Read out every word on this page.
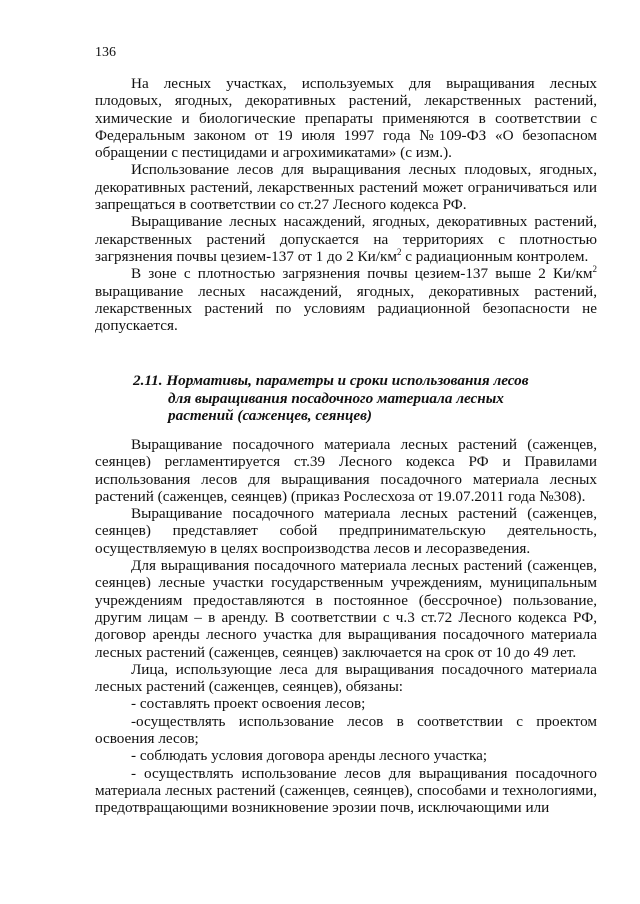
136

На лесных участках, используемых для выращивания лесных плодовых, ягодных, декоративных растений, лекарственных растений, химические и биологические препараты применяются в соответствии с Федеральным законом от 19 июля 1997 года №109-ФЗ «О безопасном обращении с пестицидами и агрохимикатами» (с изм.).

Использование лесов для выращивания лесных плодовых, ягодных, декоративных растений, лекарственных растений может ограничиваться или запрещаться в соответствии со ст.27 Лесного кодекса РФ.

Выращивание лесных насаждений, ягодных, декоративных растений, лекарственных растений допускается на территориях с плотностью загрязнения почвы цезием-137 от 1 до 2 $Ки/км^2$ с радиационным контролем.

В зоне с плотностью загрязнения почвы цезием-137 выше 2 $Ки/км^2$ выращивание лесных насаждений, ягодных, декоративных растений, лекарственных растений по условиям радиационной безопасности не допускается.

2.11. Нормативы, параметры и сроки использования лесов
для выращивания посадочного материала лесных
растений (саженцев, сеянцев)

Выращивание посадочного материала лесных растений (саженцев, сеянцев) регламентируется ст.39 Лесного кодекса РФ и Правилами использования лесов для выращивания посадочного материала лесных растений (саженцев, сеянцев) (приказ Рослесхоза от 19.07.2011 года №308).

Выращивание посадочного материала лесных растений (саженцев, сеянцев) представляет собой предпринимательскую деятельность, осуществляемую в целях воспроизводства лесов и лесоразведения.

Для выращивания посадочного материала лесных растений (саженцев, сеянцев) лесные участки государственным учреждениям, муниципальным учреждениям предоставляются в постоянное (бессрочное) пользование, другим лицам – в аренду. В соответствии с ч.3 ст.72 Лесного кодекса РФ, договор аренды лесного участка для выращивания посадочного материала лесных растений (саженцев, сеянцев) заключается на срок от 10 до 49 лет.

Лица, использующие леса для выращивания посадочного материала лесных растений (саженцев, сеянцев), обязаны:

- составлять проект освоения лесов;

-осуществлять использование лесов в соответствии с проектом освоения лесов;

- соблюдать условия договора аренды лесного участка;

- осуществлять использование лесов для выращивания посадочного материала лесных растений (саженцев, сеянцев), способами и технологиями, предотвращающими возникновение эрозии почв, исключающими или
